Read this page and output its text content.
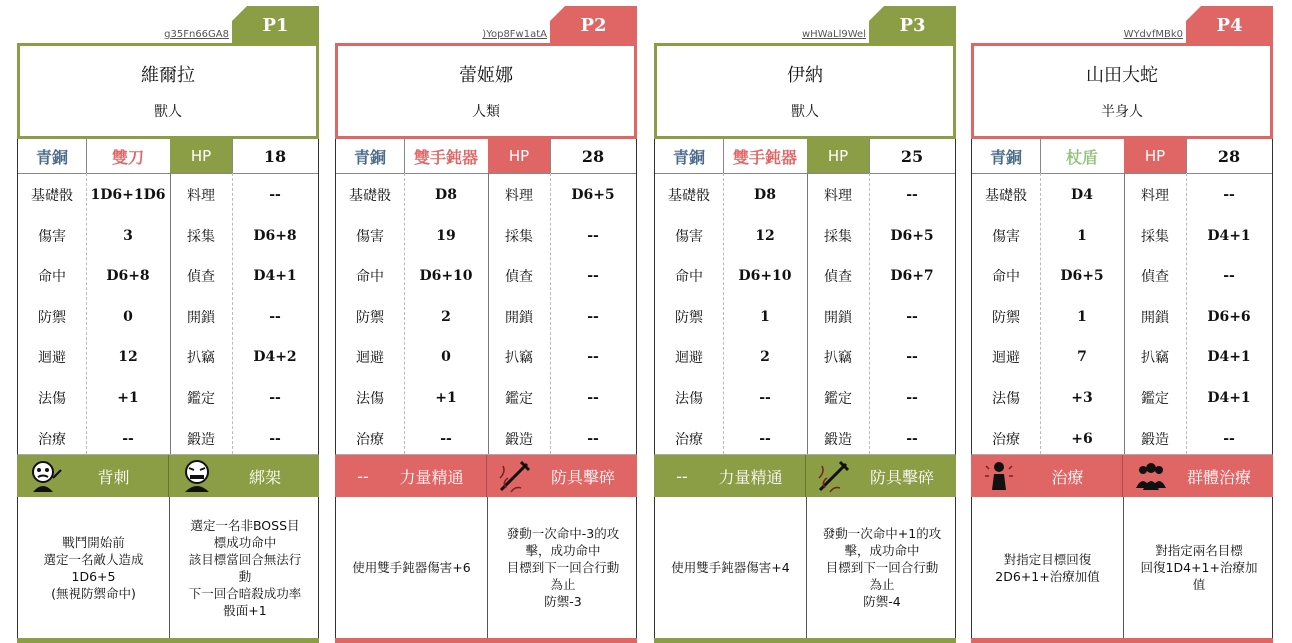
g35Fn66GA8	P1
維爾拉
獸人
青銅	雙刀	HP	18
基礎骰	1D6+1D6	料理	--
傷害	3	採集	D6+8
命中	D6+8	偵查	D4+1
防禦	0	開鎖	--
迴避	12	扒竊	D4+2
法傷	+1	鑑定	--
治療	--	鍛造	--
背刺	綁架
戰鬥開始前
選定一名敵人造成
1D6+5
(無視防禦命中)
選定一名非BOSS目
標成功命中
該目標當回合無法行
動
下一回合暗殺成功率
骰面+1
)Yop8Fw1atA	P2
蕾姬娜
人類
青銅	雙手鈍器	HP	28
基礎骰	D8	料理	D6+5
傷害	19	採集	--
命中	D6+10	偵查	--
防禦	2	開鎖	--
迴避	0	扒竊	--
法傷	+1	鑑定	--
治療	--	鍛造	--
--	力量精通	防具擊碎
使用雙手鈍器傷害+6
發動一次命中-3的攻
擊，成功命中
目標到下一回合行動
為止
防禦-3
wHWaLl9Wel	P3
伊納
獸人
青銅	雙手鈍器	HP	25
基礎骰	D8	料理	--
傷害	12	採集	D6+5
命中	D6+10	偵查	D6+7
防禦	1	開鎖	--
迴避	2	扒竊	--
法傷	--	鑑定	--
治療	--	鍛造	--
--	力量精通	防具擊碎
使用雙手鈍器傷害+4
發動一次命中+1的攻
擊，成功命中
目標到下一回合行動
為止
防禦-4
WYdvfMBk0	P4
山田大蛇
半身人
青銅	杖盾	HP	28
基礎骰	D4	料理	--
傷害	1	採集	D4+1
命中	D6+5	偵查	--
防禦	1	開鎖	D6+6
迴避	7	扒竊	D4+1
法傷	+3	鑑定	D4+1
治療	+6	鍛造	--
治療	群體治療
對指定目標回復
2D6+1+治療加值
對指定兩名目標
回復1D4+1+治療加
值
